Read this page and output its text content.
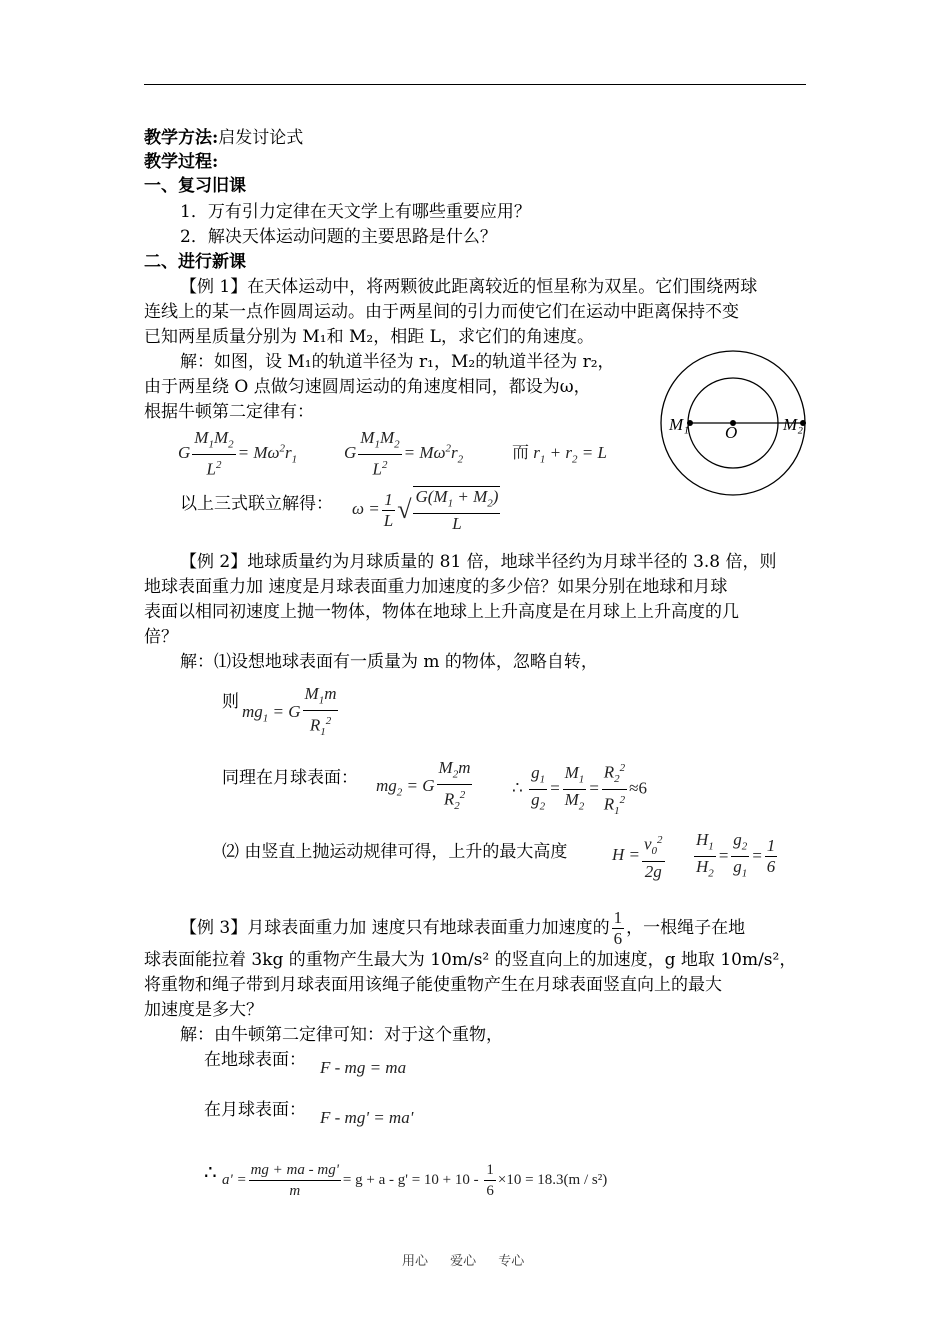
教学方法:启发讨论式
教学过程:
一、复习旧课
1．万有引力定律在天文学上有哪些重要应用？
2．解决天体运动问题的主要思路是什么？
二、进行新课
【例 1】在天体运动中，将两颗彼此距离较近的恒星称为双星。它们围绕两球
连线上的某一点作圆周运动。由于两星间的引力而使它们在运动中距离保持不变
已知两星质量分别为 M₁和 M₂，相距 L，求它们的角速度。
解：如图，设 M₁的轨道半径为 r₁，M₂的轨道半径为 r₂，
由于两星绕 O 点做匀速圆周运动的角速度相同，都设为ω，
根据牛顿第二定律有：
G $\frac{M_1M_2}{L^2} = M\omega^2r_1$	G $\frac{M_1M_2}{L^2} = M\omega^2r_2$	而 $r_1 + r_2 = L$
以上三式联立解得： $\omega = \frac{1}{L}$ √ $\frac{G(M_1 + M_2)}{L}$
M₁ O	M₂
【例 2】地球质量约为月球质量的 81 倍，地球半径约为月球半径的 3.8 倍，则
地球表面重力加 速度是月球表面重力加速度的多少倍？如果分别在地球和月球
表面以相同初速度上抛一物体，物体在地球上上升高度是在月球上上升高度的几
倍？
解：⑴设想地球表面有一质量为 m 的物体，忽略自转，
则 $mg_1 = G \frac{M_1m}{R_1^2}$
同理在月球表面： $mg_2 = G \frac{M_2m}{R_2^2}$ ∴ $\frac{g_1}{g_2} = \frac{M_1}{M_2} = \frac{R_2^2}{R_1^2} \approx 6$
⑵ 由竖直上抛运动规律可得，上升的最大高度	$H = \frac{v_0^2}{2g} \frac{H_1}{H_2} = \frac{g_2}{g_1} = \frac{1}{6}$
【例 3】月球表面重力加 速度只有地球表面重力加速度的 $\frac{1}{6}$ ，一根绳子在地
球表面能拉着 3kg 的重物产生最大为 10m/s² 的竖直向上的加速度，g 地取 10m/s²，
将重物和绳子带到月球表面用该绳子能使重物产生在月球表面竖直向上的最大
加速度是多大？
解：由牛顿第二定律可知：对于这个重物，
在地球表面： F - mg = ma
在月球表面： F - mg' = ma'
∴ $a' = \frac{mg + ma - mg'}{m} = g + a - g' = 10 + 10 - \frac{1}{6} \times 10 = 18.3(m / s^2)$
用心 爱心 专心
